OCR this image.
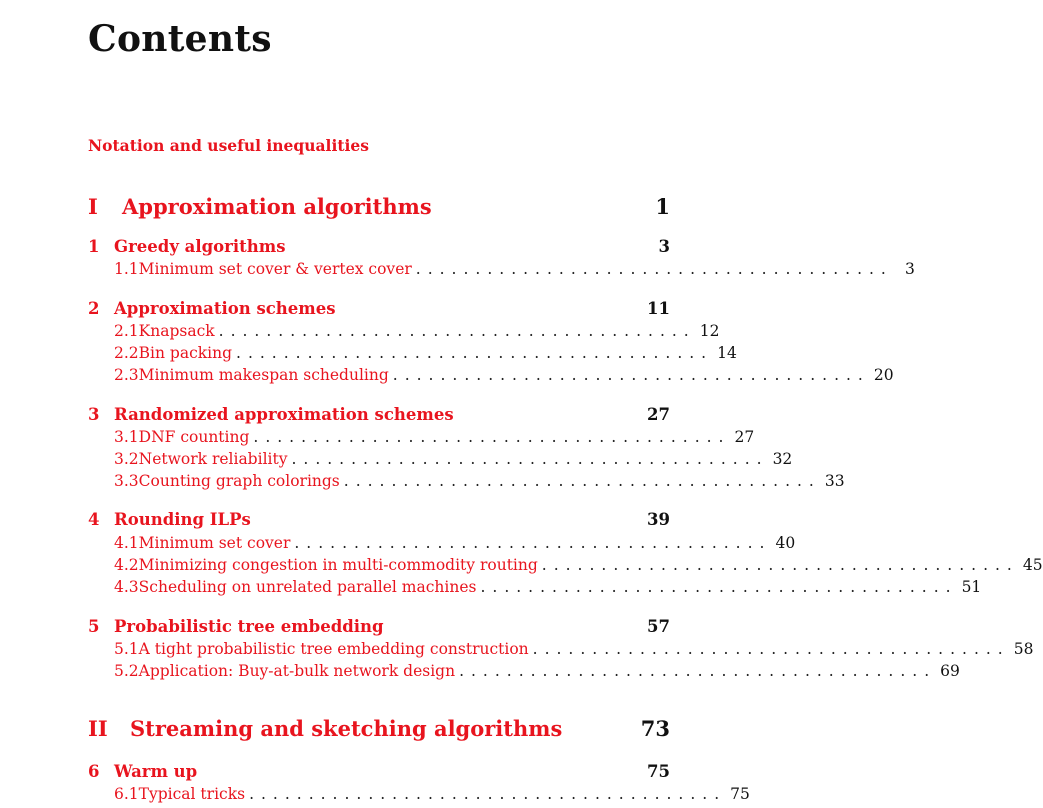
Contents
Notation and useful inequalities
I	Approximation algorithms	1
1 Greedy algorithms	3
1.1 Minimum set cover & vertex cover ........................................ 3
2 Approximation schemes	11
2.1 Knapsack ........................................ 12
2.2 Bin packing ........................................ 14
2.3 Minimum makespan scheduling ........................................ 20
3 Randomized approximation schemes	27
3.1 DNF counting ........................................ 27
3.2 Network reliability ........................................ 32
3.3 Counting graph colorings ........................................ 33
4 Rounding ILPs	39
4.1 Minimum set cover ........................................ 40
4.2 Minimizing congestion in multi-commodity routing ........................................ 45
4.3 Scheduling on unrelated parallel machines ........................................ 51
5 Probabilistic tree embedding	57
5.1 A tight probabilistic tree embedding construction ........................................ 58
5.2 Application: Buy-at-bulk network design ........................................ 69
II	Streaming and sketching algorithms	73
6 Warm up	75
6.1 Typical tricks ........................................ 75
